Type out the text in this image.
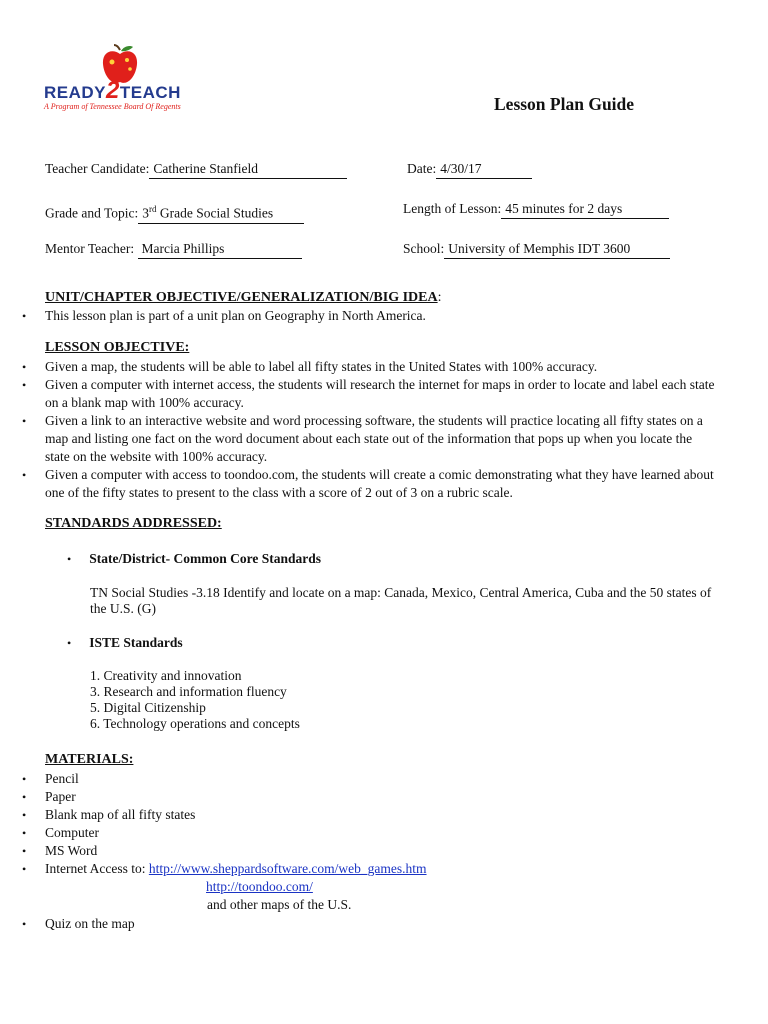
READY2TEACH
A Program of Tennessee Board Of Regents	Lesson Plan Guide
Teacher Candidate: Catherine Stanfield	Date: 4/30/17
Grade and Topic: 3rd Grade Social Studies	Length of Lesson: 45 minutes for 2 days
Mentor Teacher: Marcia Phillips	School: University of Memphis IDT 3600
UNIT/CHAPTER OBJECTIVE/GENERALIZATION/BIG IDEA:
• This lesson plan is part of a unit plan on Geography in North America.
LESSON OBJECTIVE:
• Given a map, the students will be able to label all fifty states in the United States with 100% accuracy.
• Given a computer with internet access, the students will research the internet for maps in order to locate and label each state on a blank map with 100% accuracy.
• Given a link to an interactive website and word processing software, the students will practice locating all fifty states on a map and listing one fact on the word document about each state out of the information that pops up when you locate the state on the website with 100% accuracy.
• Given a computer with access to toondoo.com, the students will create a comic demonstrating what they have learned about one of the fifty states to present to the class with a score of 2 out of 3 on a rubric scale.
STANDARDS ADDRESSED:
• State/District- Common Core Standards
TN Social Studies -3.18 Identify and locate on a map: Canada, Mexico, Central America, Cuba and the 50 states of the U.S. (G)
• ISTE Standards
1. Creativity and innovation
3. Research and information fluency
5. Digital Citizenship
6. Technology operations and concepts
MATERIALS:
• Pencil
• Paper
• Blank map of all fifty states
• Computer
• MS Word
• Internet Access to: http://www.sheppardsoftware.com/web_games.htm
http://toondoo.com/
and other maps of the U.S.
• Quiz on the map
